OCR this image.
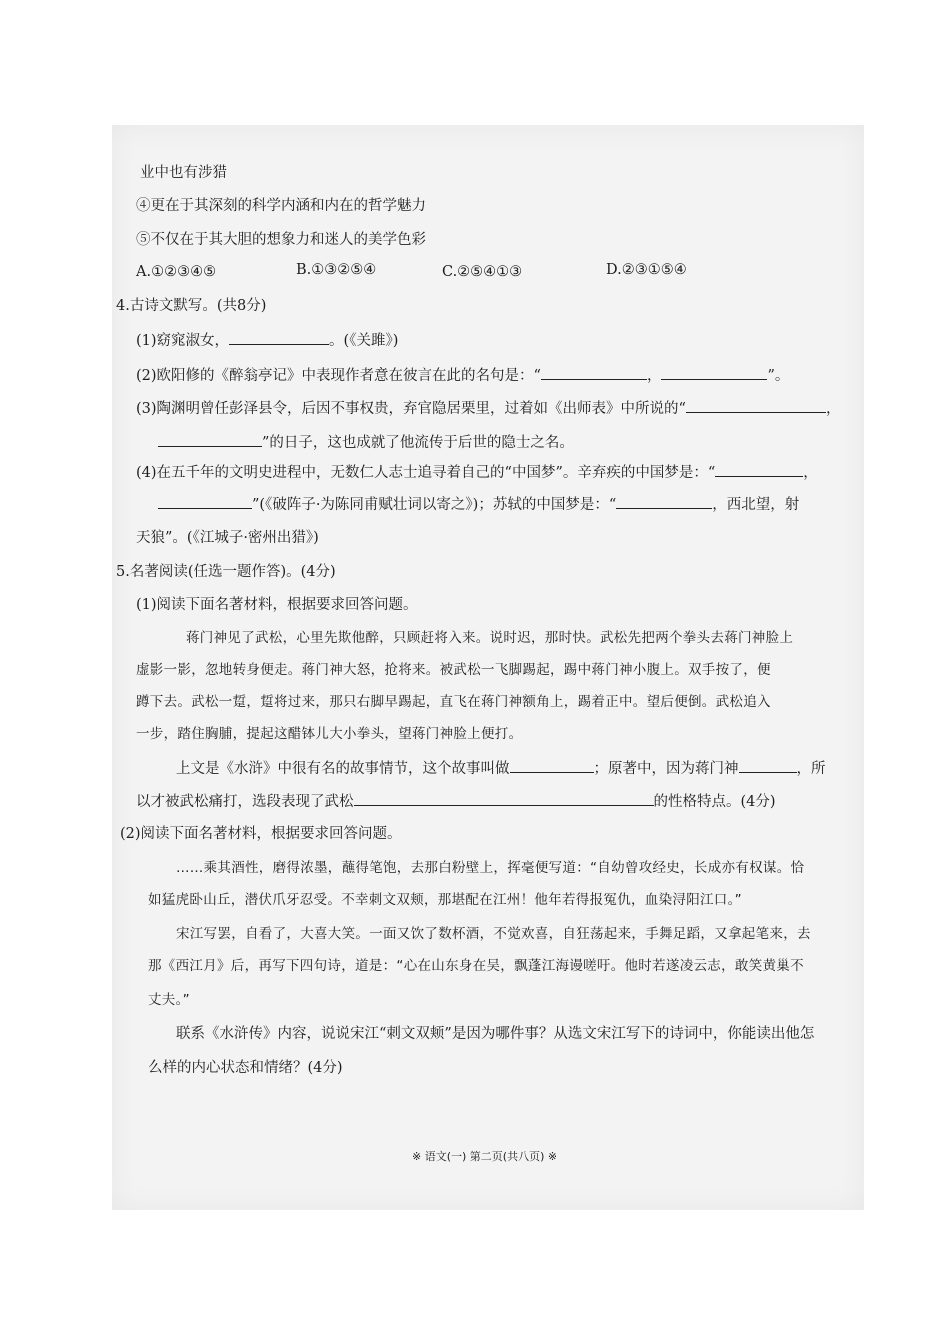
业中也有涉猎
④更在于其深刻的科学内涵和内在的哲学魅力
⑤不仅在于其大胆的想象力和迷人的美学色彩
A.①②③④⑤	B.①③②⑤④	C.②⑤④①③	D.②③①⑤④
4.古诗文默写。(共8分)
(1)窈窕淑女，	。(《关雎》)
(2)欧阳修的《醉翁亭记》中表现作者意在彼言在此的名句是：“	，	”。
(3)陶渊明曾任彭泽县令，后因不事权贵，弃官隐居栗里，过着如《出师表》中所说的“	，
”的日子，这也成就了他流传于后世的隐士之名。
(4)在五千年的文明史进程中，无数仁人志士追寻着自己的“中国梦”。辛弃疾的中国梦是：“	，
”(《破阵子·为陈同甫赋壮词以寄之》)；苏轼的中国梦是：“	，西北望，射
天狼”。(《江城子·密州出猎》)
5.名著阅读(任选一题作答)。(4分)
(1)阅读下面名著材料，根据要求回答问题。
蒋门神见了武松，心里先欺他醉，只顾赶将入来。说时迟，那时快。武松先把两个拳头去蒋门神脸上
虚影一影，忽地转身便走。蒋门神大怒，抢将来。被武松一飞脚踢起，踢中蒋门神小腹上。双手按了，便
蹲下去。武松一踅，踅将过来，那只右脚早踢起，直飞在蒋门神额角上，踢着正中。望后便倒。武松追入
一步，踏住胸脯，提起这醋钵儿大小拳头，望蒋门神脸上便打。
上文是《水浒》中很有名的故事情节，这个故事叫做	；原著中，因为蒋门神	，所
以才被武松痛打，选段表现了武松	的性格特点。(4分)
(2)阅读下面名著材料，根据要求回答问题。
……乘其酒性，磨得浓墨，蘸得笔饱，去那白粉壁上，挥毫便写道：“自幼曾攻经史，长成亦有权谋。恰
如猛虎卧山丘，潜伏爪牙忍受。不幸刺文双颊，那堪配在江州！他年若得报冤仇，血染浔阳江口。”
宋江写罢，自看了，大喜大笑。一面又饮了数杯酒，不觉欢喜，自狂荡起来，手舞足蹈，又拿起笔来，去
那《西江月》后，再写下四句诗，道是：“心在山东身在吴，飘蓬江海谩嗟吁。他时若遂凌云志，敢笑黄巢不
丈夫。”
联系《水浒传》内容，说说宋江“刺文双颊”是因为哪件事？从选文宋江写下的诗词中，你能读出他怎
么样的内心状态和情绪？(4分)
※ 语文(一) 第二页(共八页) ※
